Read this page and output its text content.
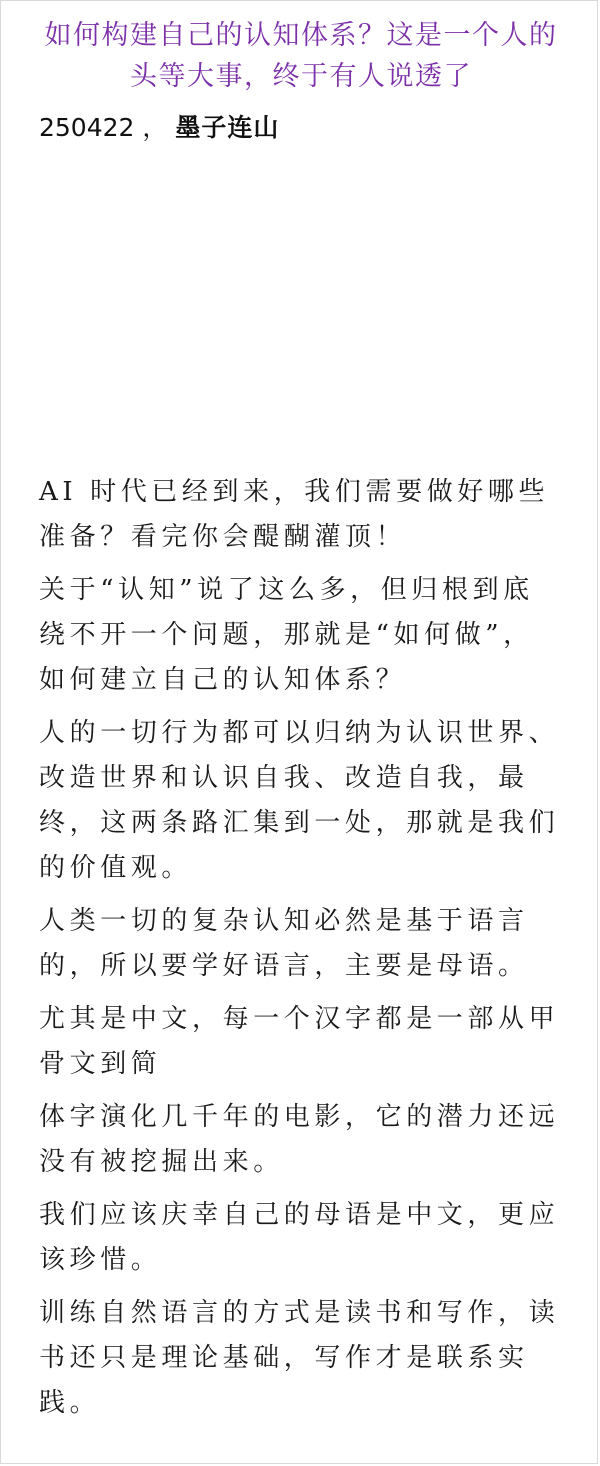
如何构建自己的认知体系？这是一个人的头等大事，终于有人说透了

250422 ， 墨子连山

AI 时代已经到来，我们需要做好哪些准备？看完你会醍醐灌顶！

关于“认知”说了这么多，但归根到底绕不开一个问题，那就是“如何做”，如何建立自己的认知体系？

人的一切行为都可以归纳为认识世界、改造世界和认识自我、改造自我，最终，这两条路汇集到一处，那就是我们的价值观。

人类一切的复杂认知必然是基于语言的，所以要学好语言，主要是母语。

尤其是中文，每一个汉字都是一部从甲骨文到简

体字演化几千年的电影，它的潜力还远没有被挖掘出来。

我们应该庆幸自己的母语是中文，更应该珍惜。

训练自然语言的方式是读书和写作，读书还只是理论基础，写作才是联系实践。
